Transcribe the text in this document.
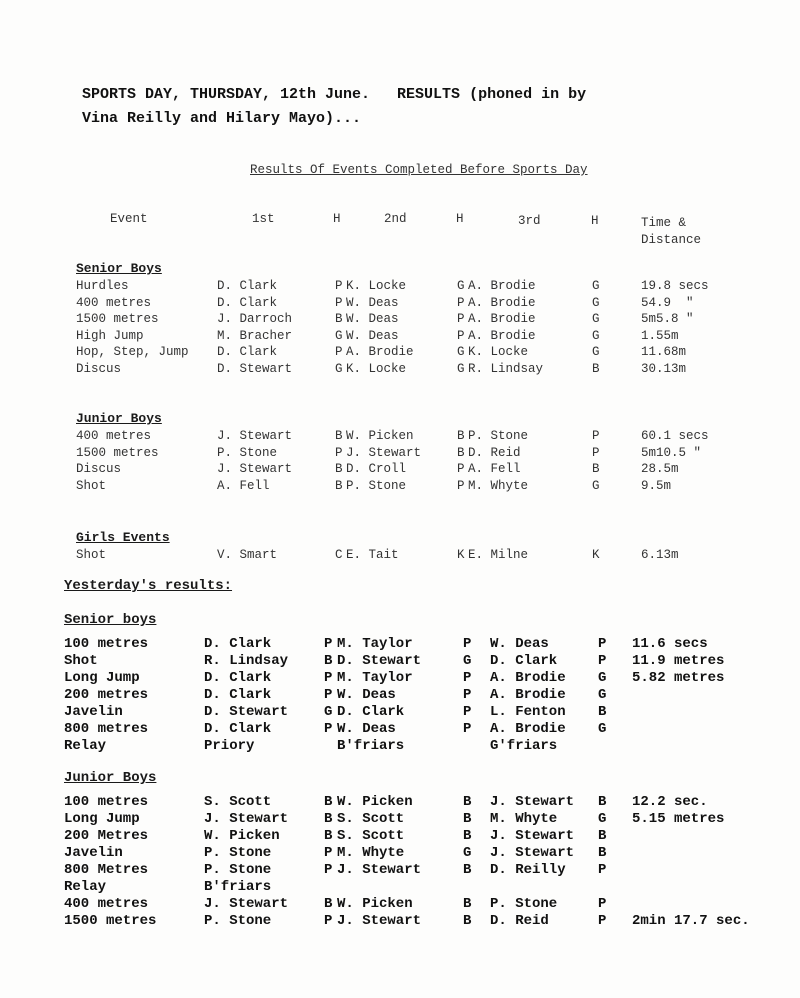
SPORTS DAY, THURSDAY, 12th June.   RESULTS (phoned in by
Vina Reilly and Hilary Mayo)...
Results Of Events Completed Before Sports Day
Event	1st	H	2nd	H	3rd	H	Time &
Distance
Senior Boys
Hurdles	D. Clark	P K. Locke	G A. Brodie	G	19.8 secs
400 metres	D. Clark	P W. Deas	P A. Brodie	G	54.9  "
1500 metres	J. Darroch	B W. Deas	P A. Brodie	G	5m5.8 "
High Jump	M. Bracher	G W. Deas	P A. Brodie	G	1.55m
Hop, Step, Jump D. Clark	P A. Brodie	G K. Locke	G	11.68m
Discus	D. Stewart	G K. Locke	G R. Lindsay	B	30.13m
Junior Boys
400 metres	J. Stewart	B W. Picken	B P. Stone	P	60.1 secs
1500 metres	P. Stone	P J. Stewart	B D. Reid	P	5m10.5 "
Discus	J. Stewart	B D. Croll	P A. Fell	B	28.5m
Shot	A. Fell	B P. Stone	P M. Whyte	G	9.5m
Girls Events
Shot	V. Smart	C E. Tait	K E. Milne	K	6.13m
Yesterday's results:
Senior boys
100 metres	D. Clark	P M. Taylor	P W. Deas	P 11.6 secs
Shot	R. Lindsay	B D. Stewart	G D. Clark	P 11.9 metres
Long Jump	D. Clark	P M. Taylor	P A. Brodie G 5.82 metres
200 metres	D. Clark	P W. Deas	P A. Brodie G
Javelin	D. Stewart	G D. Clark	P L. Fenton B
800 metres	D. Clark	P W. Deas	P A. Brodie G
Relay	Priory	B'friars	G'friars
Junior Boys
100 metres	S. Scott	B W. Picken	B J. Stewart B 12.2 sec.
Long Jump	J. Stewart	B S. Scott	B M. Whyte	G 5.15 metres
200 Metres	W. Picken	B S. Scott	B J. Stewart B
Javelin	P. Stone	P M. Whyte	G J. Stewart B
800 Metres	P. Stone	P J. Stewart	B D. Reilly P
Relay	B'friars
400 metres	J. Stewart	B W. Picken	B P. Stone	P
1500 metres	P. Stone	P J. Stewart	B D. Reid	P 2min 17.7 sec.
